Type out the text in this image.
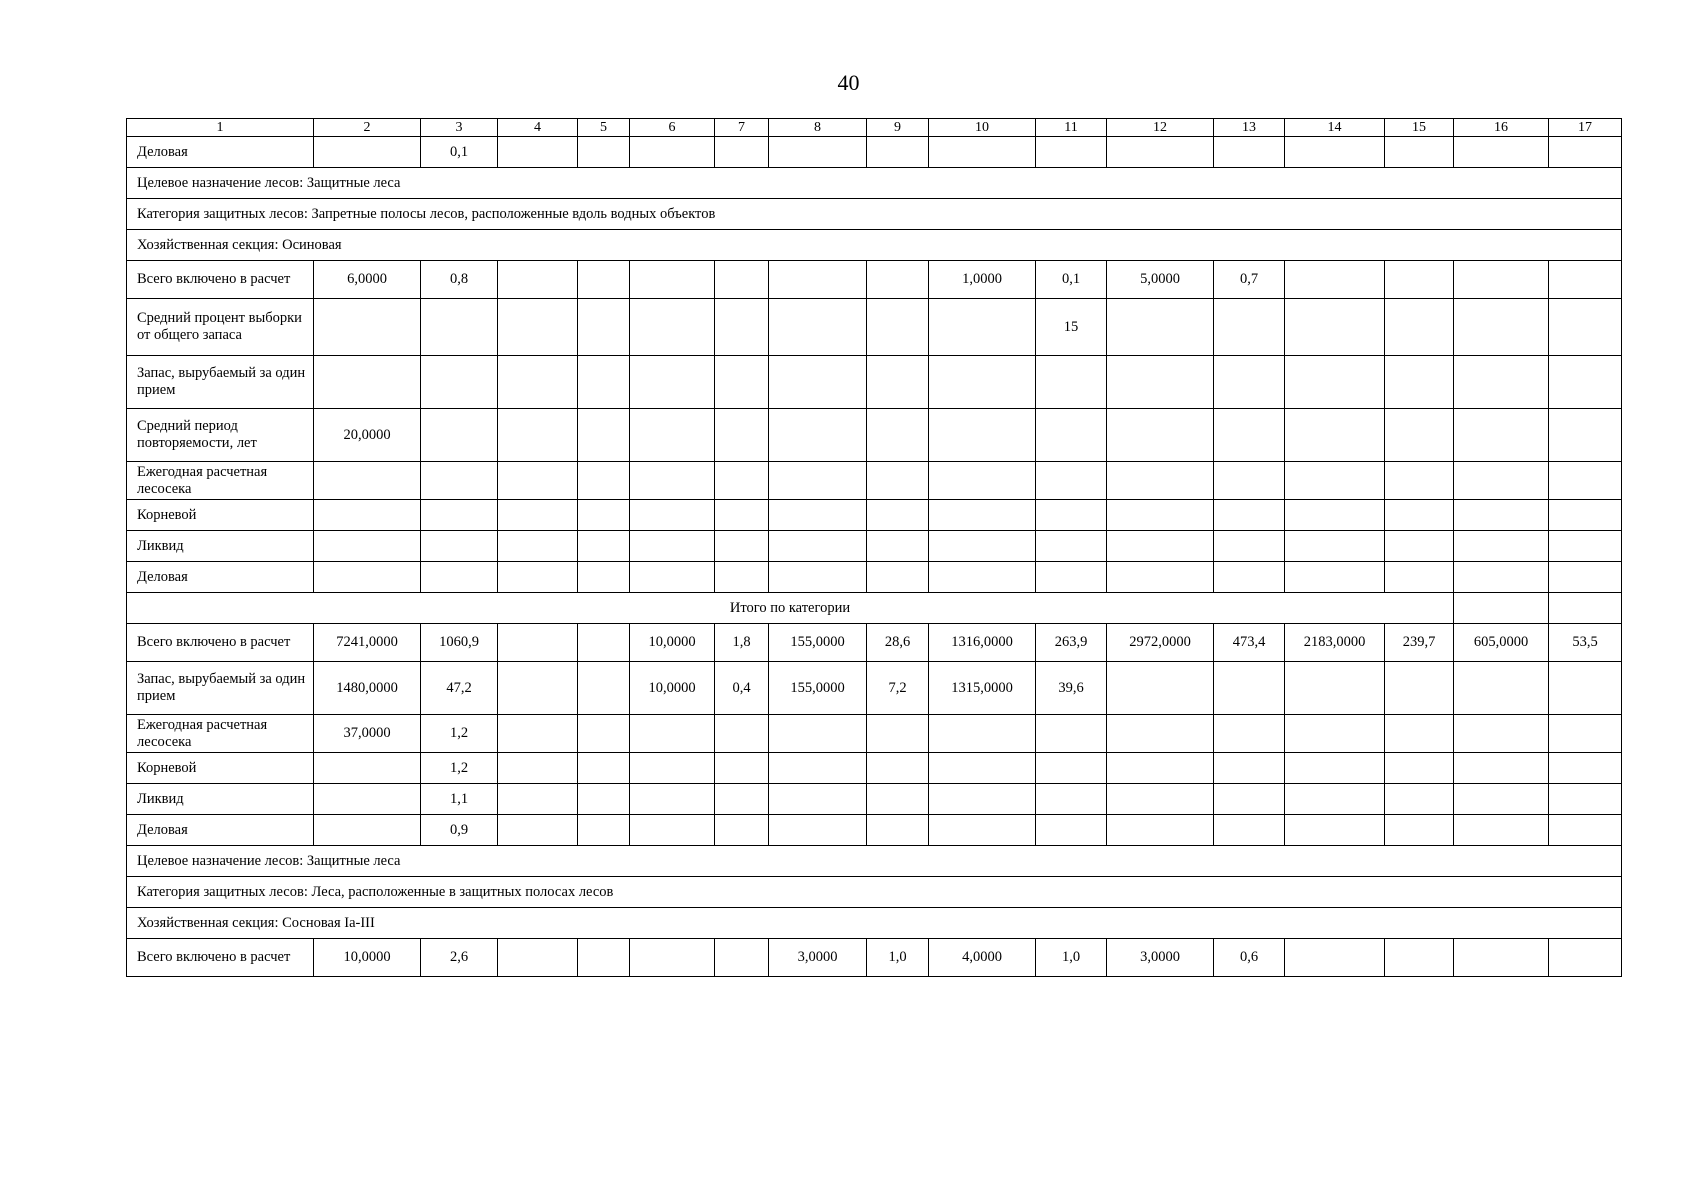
40
1	2	3	4	5	6	7	8	9	10	11	12	13	14	15	16	17
Деловая		0,1														
Целевое назначение лесов: Защитные леса																
Категория защитных лесов: Запретные полосы лесов, расположенные вдоль водных объектов																
Хозяйственная секция: Осиновая																
Всего включено в расчет	6,0000	0,8							1,0000	0,1	5,0000	0,7				
Средний процент выборки от общего запаса										15						
Запас, вырубаемый за один прием																
Средний период повторяемости, лет	20,0000															
Ежегодная расчетная лесосека																
Корневой																
Ликвид																
Деловая																
Итого по категории																
Всего включено в расчет	7241,0000	1060,9			10,0000	1,8	155,0000	28,6	1316,0000	263,9	2972,0000	473,4	2183,0000	239,7	605,0000	53,5
Запас, вырубаемый за один прием	1480,0000	47,2			10,0000	0,4	155,0000	7,2	1315,0000	39,6						
Ежегодная расчетная лесосека	37,0000	1,2														
Корневой		1,2														
Ликвид		1,1														
Деловая		0,9														
Целевое назначение лесов: Защитные леса																
Категория защитных лесов: Леса, расположенные в защитных полосах лесов																
Хозяйственная секция: Сосновая Iа-III																
Всего включено в расчет	10,0000	2,6					3,0000	1,0	4,0000	1,0	3,0000	0,6				
